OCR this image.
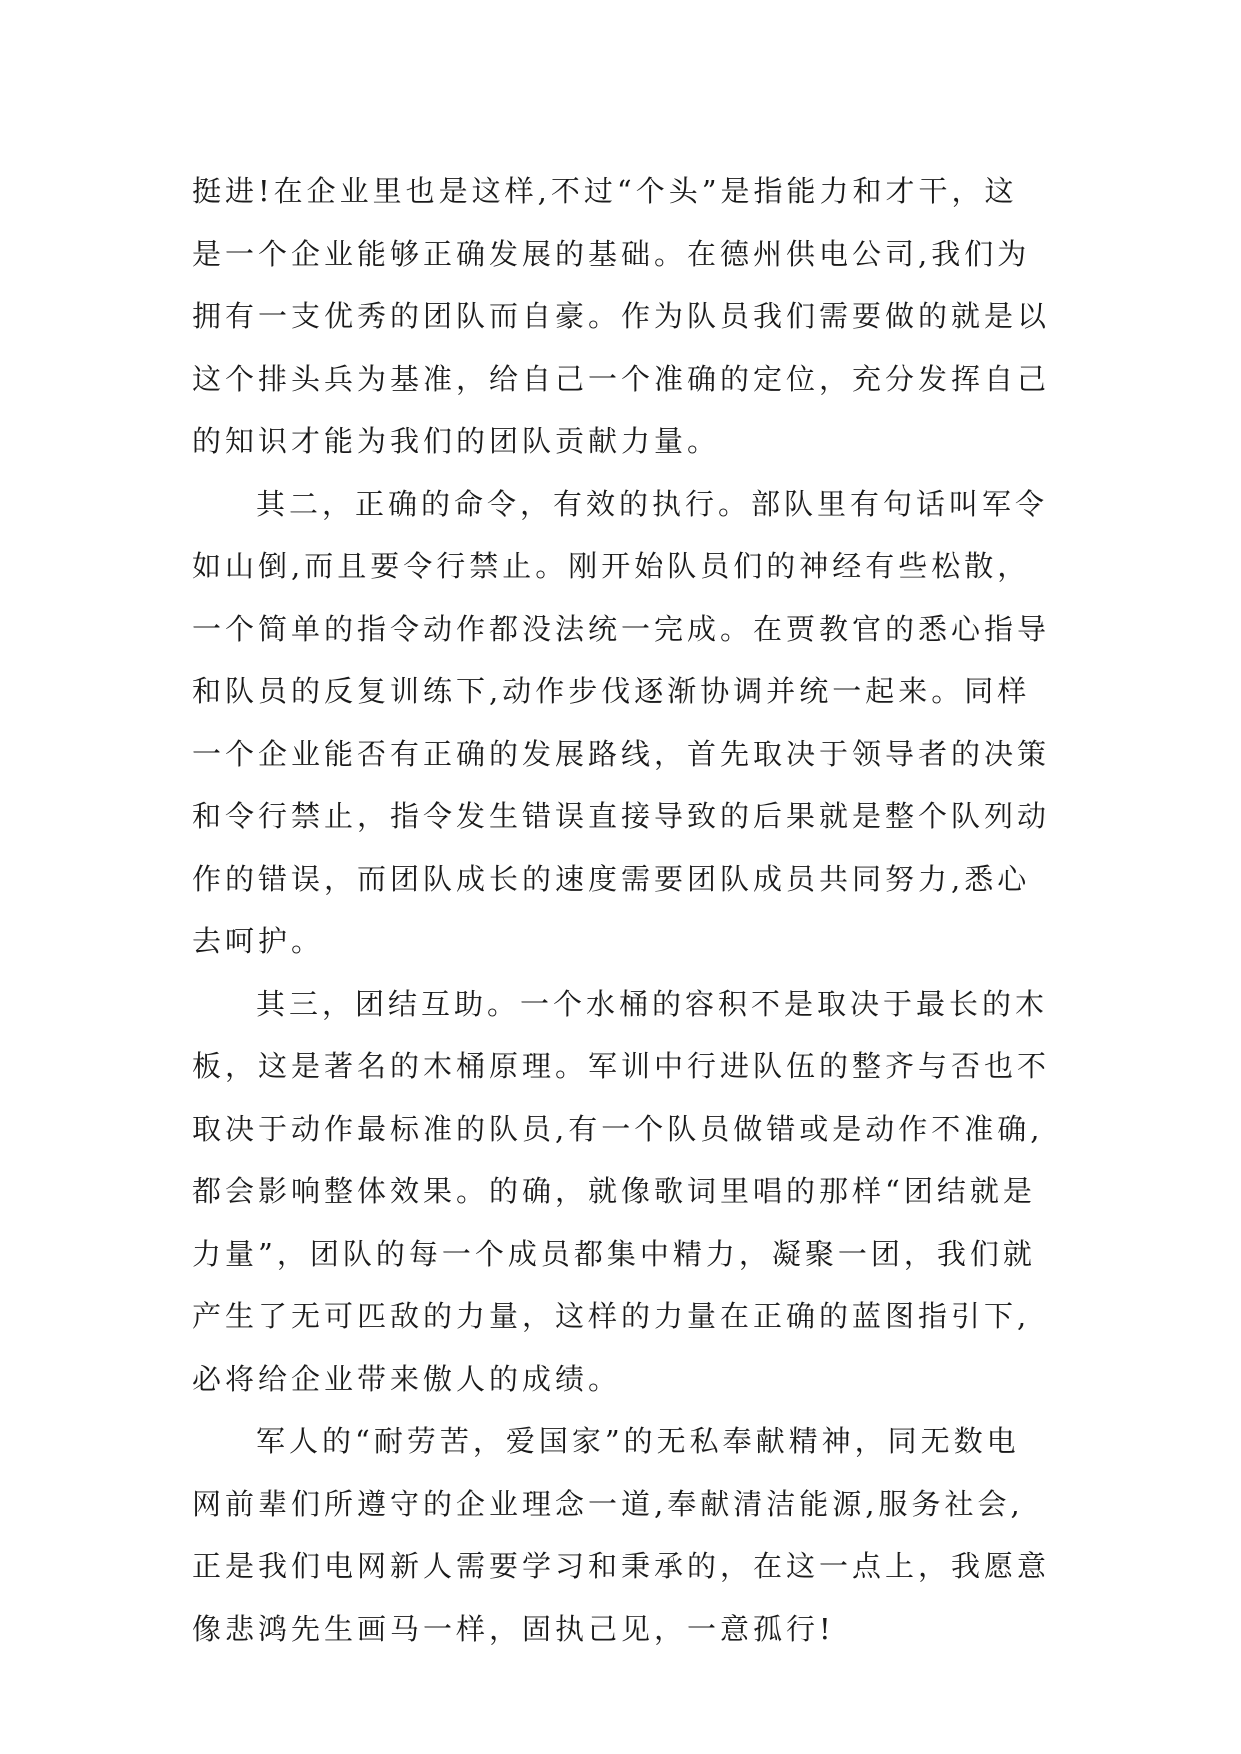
挺进!在企业里也是这样,不过“个头”是指能力和才干，这
是一个企业能够正确发展的基础。在德州供电公司,我们为
拥有一支优秀的团队而自豪。作为队员我们需要做的就是以
这个排头兵为基准，给自己一个准确的定位，充分发挥自己
的知识才能为我们的团队贡献力量。
其二，正确的命令，有效的执行。部队里有句话叫军令
如山倒,而且要令行禁止。刚开始队员们的神经有些松散，
一个简单的指令动作都没法统一完成。在贾教官的悉心指导
和队员的反复训练下,动作步伐逐渐协调并统一起来。同样
一个企业能否有正确的发展路线，首先取决于领导者的决策
和令行禁止，指令发生错误直接导致的后果就是整个队列动
作的错误，而团队成长的速度需要团队成员共同努力,悉心
去呵护。
其三，团结互助。一个水桶的容积不是取决于最长的木
板，这是著名的木桶原理。军训中行进队伍的整齐与否也不
取决于动作最标准的队员,有一个队员做错或是动作不准确,
都会影响整体效果。的确，就像歌词里唱的那样“团结就是
力量”，团队的每一个成员都集中精力，凝聚一团，我们就
产生了无可匹敌的力量，这样的力量在正确的蓝图指引下,
必将给企业带来傲人的成绩。
军人的“耐劳苦，爱国家”的无私奉献精神，同无数电
网前辈们所遵守的企业理念一道,奉献清洁能源,服务社会,
正是我们电网新人需要学习和秉承的，在这一点上，我愿意
像悲鸿先生画马一样，固执己见，一意孤行!
